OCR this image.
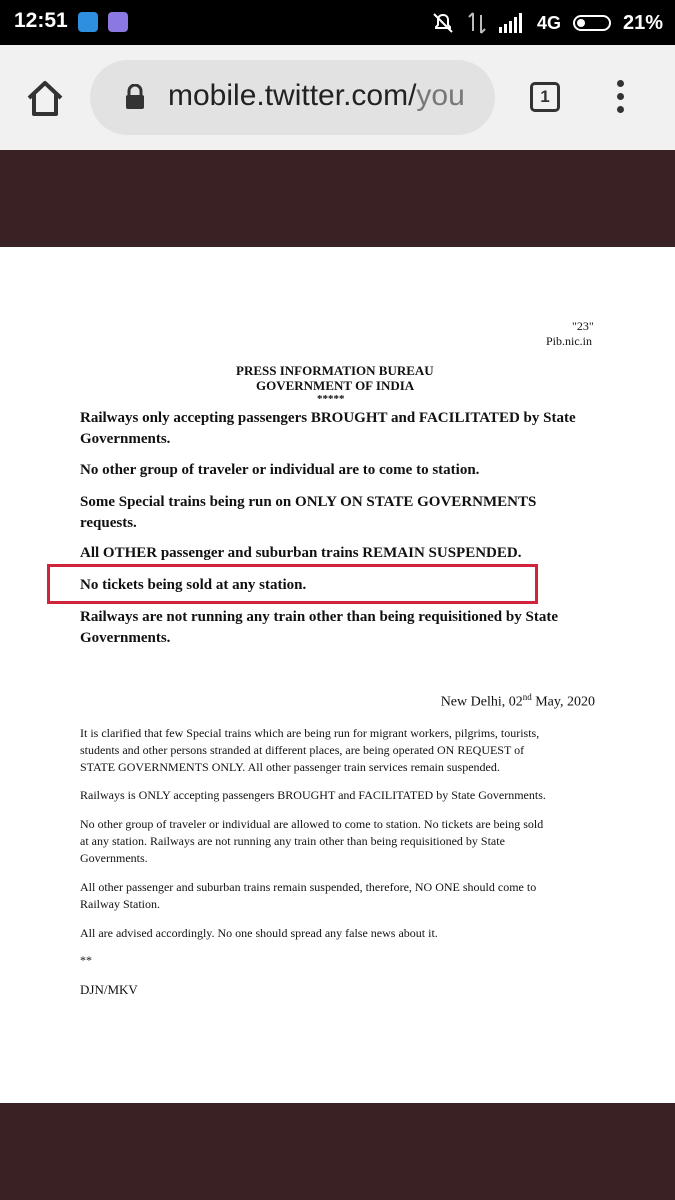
12:51	4G	21%
mobile.twitter.com/you	1
"23"
Pib.nic.in
PRESS INFORMATION BUREAU
GOVERNMENT OF INDIA
*****
Railways only accepting passengers BROUGHT and FACILITATED by State
Governments.
No other group of traveler or individual are to come to station.
Some Special trains being run on ONLY ON STATE GOVERNMENTS
requests.
All OTHER passenger and suburban trains REMAIN SUSPENDED.
No tickets being sold at any station.
Railways are not running any train other than being requisitioned by State
Governments.
New Delhi, 02nd May, 2020
It is clarified that few Special trains which are being run for migrant workers, pilgrims, tourists,
students and other persons stranded at different places, are being operated ON REQUEST of
STATE GOVERNMENTS ONLY. All other passenger train services remain suspended.
Railways is ONLY accepting passengers BROUGHT and FACILITATED by State Governments.
No other group of traveler or individual are allowed to come to station. No tickets are being sold
at any station. Railways are not running any train other than being requisitioned by State
Governments.
All other passenger and suburban trains remain suspended, therefore, NO ONE should come to
Railway Station.
All are advised accordingly. No one should spread any false news about it.
**
DJN/MKV
